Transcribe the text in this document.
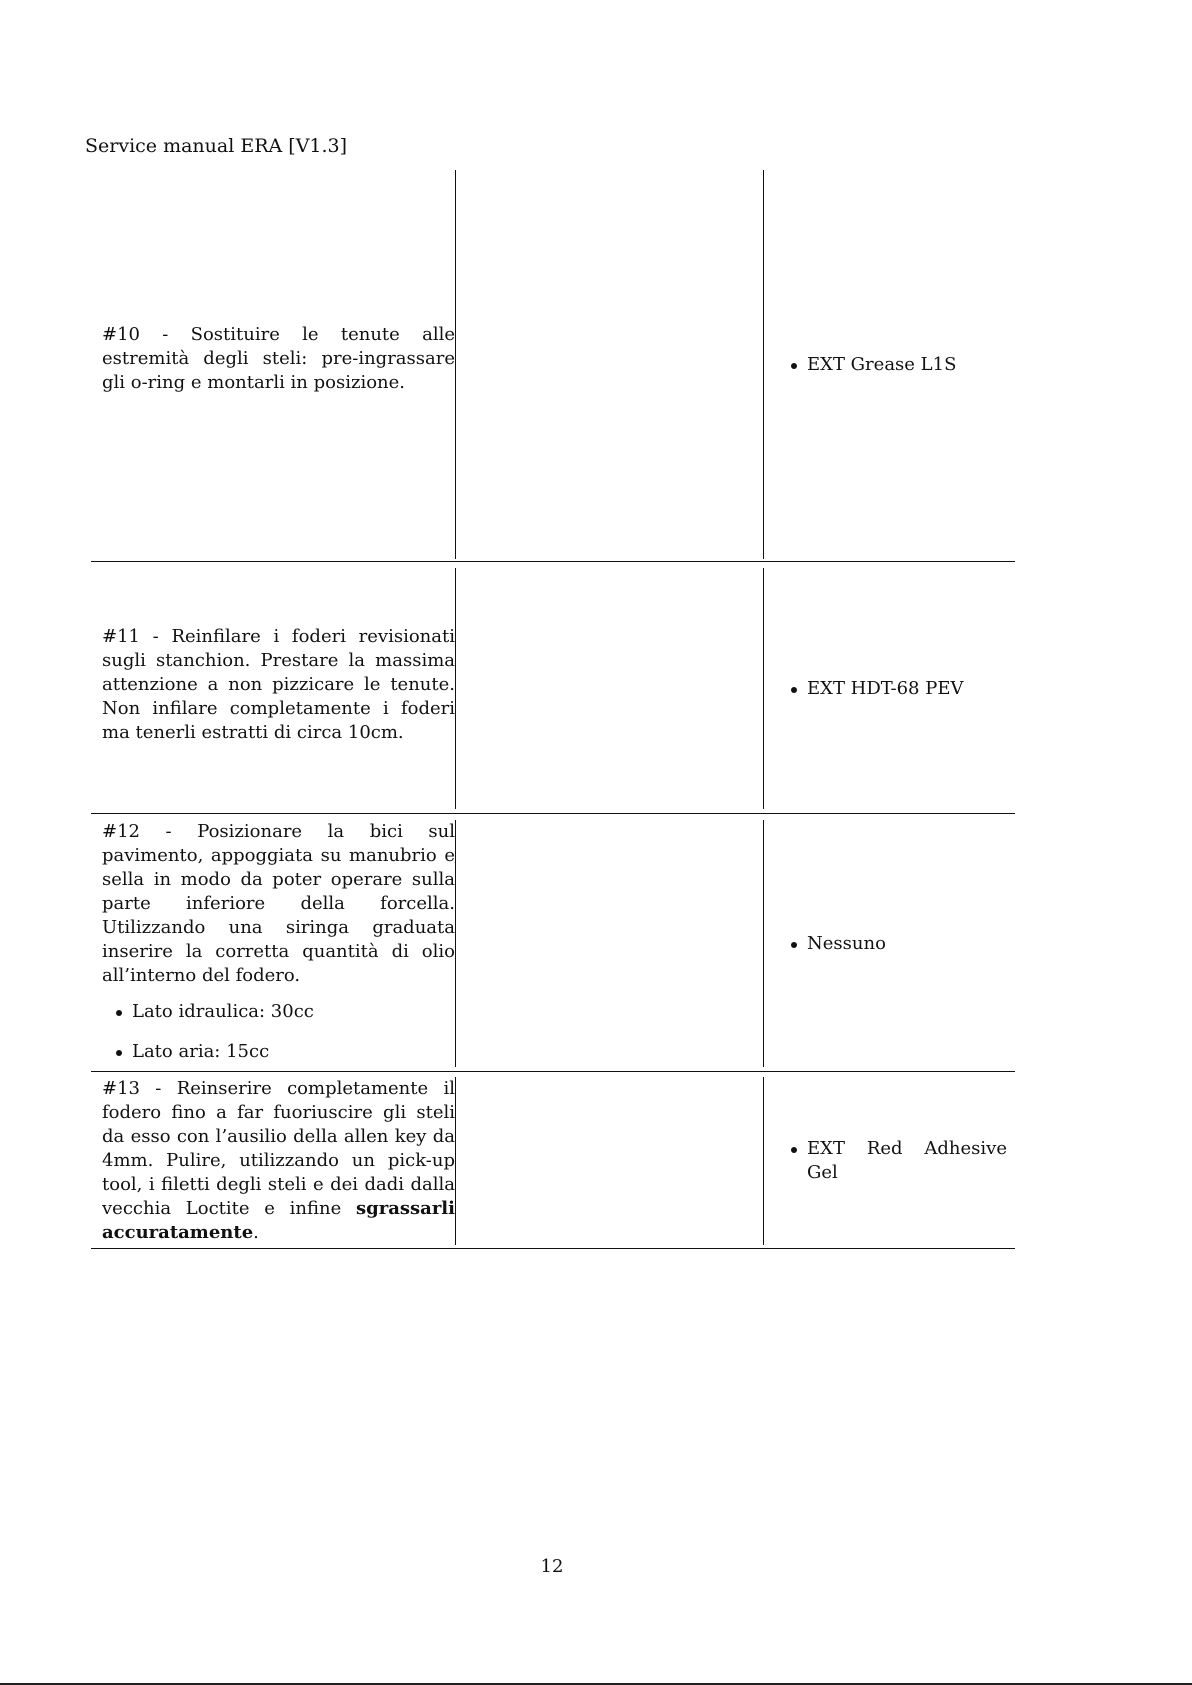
Service manual ERA [V1.3]

#10 - Sostituire le tenute alle estremità degli steli: pre-ingrassare gli o-ring e montarli in posizione.

EXT Grease L1S

#11 - Reinfilare i foderi revisionati sugli stanchion. Prestare la massima attenzione a non pizzicare le tenute. Non infilare completamente i foderi ma tenerli estratti di circa 10cm.

EXT HDT-68 PEV

#12 - Posizionare la bici sul pavimento, appoggiata su manubrio e sella in modo da poter operare sulla parte inferiore della forcella. Utilizzando una siringa graduata inserire la corretta quantità di olio all’interno del fodero.

Lato idraulica: 30cc
Lato aria: 15cc
Nessuno

#13 - Reinserire completamente il fodero fino a far fuoriuscire gli steli da esso con l’ausilio della allen key da 4mm. Pulire, utilizzando un pick-up tool, i filetti degli steli e dei dadi dalla vecchia Loctite e infine sgrassarli accuratamente.

EXT Red Adhesive Gel
12
